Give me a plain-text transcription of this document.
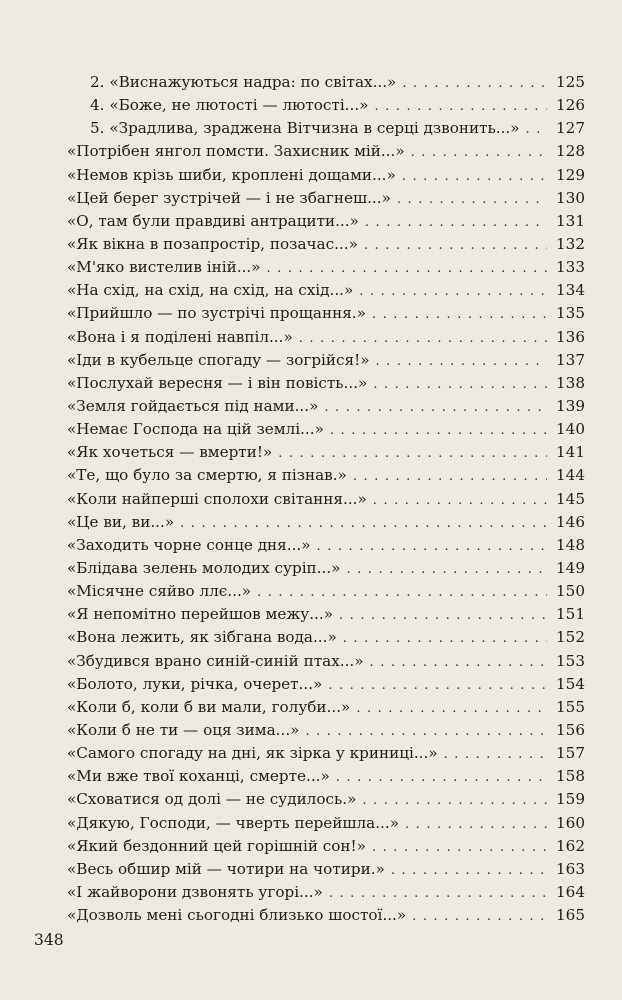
2. «Виснажуються надра: по світах...» . . .	125
4. «Боже, не лютості — лютості...» . . .	126
5. «Зрадлива, зраджена Вітчизна в серці дзвонить...» . . .	127
«Потрібен янгол помсти. Захисник мій...» . . .	128
«Немов крізь шиби, кроплені дощами...» . . .	129
«Цей берег зустрічей — і не збагнеш...» . . .	130
«О, там були правдиві антрацити...» . . .	131
«Як вікна в позапростір, позачас...» . . .	132
«М'яко вистелив іній...» . . .	133
«На схід, на схід, на схід, на схід...» . . .	134
«Прийшло — по зустрічі прощання.» . . .	135
«Вона і я поділені навпіл...» . . .	136
«Іди в кубельце спогаду — зогрійся!» . . .	137
«Послухай вересня — і він повість...» . . .	138
«Земля гойдається під нами...» . . .	139
«Немає Господа на цій землі...» . . .	140
«Як хочеться — вмерти!» . . .	141
«Те, що було за смертю, я пізнав.» . . .	144
«Коли найперші сполохи світання...» . . .	145
«Це ви, ви...» . . .	146
«Заходить чорне сонце дня...» . . .	148
«Блідава зелень молодих суріп...» . . .	149
«Місячне сяйво ллє...» . . .	150
«Я непомітно перейшов межу...» . . .	151
«Вона лежить, як зібгана вода...» . . .	152
«Збудився врано синій-синій птах...» . . .	153
«Болото, луки, річка, очерет...» . . .	154
«Коли б, коли б ви мали, голуби...» . . .	155
«Коли б не ти — оця зима...» . . .	156
«Самого спогаду на дні, як зірка у криниці...» . . .	157
«Ми вже твої коханці, смерте...» . . .	158
«Сховатися од долі — не судилось.» . . .	159
«Дякую, Господи, — чверть перейшла...» . . .	160
«Який бездонний цей горішній сон!» . . .	162
«Весь обшир мій — чотири на чотири.» . . .	163
«І жайворони дзвонять угорі...» . . .	164
«Дозволь мені сьогодні близько шостої...» . . .	165
348
